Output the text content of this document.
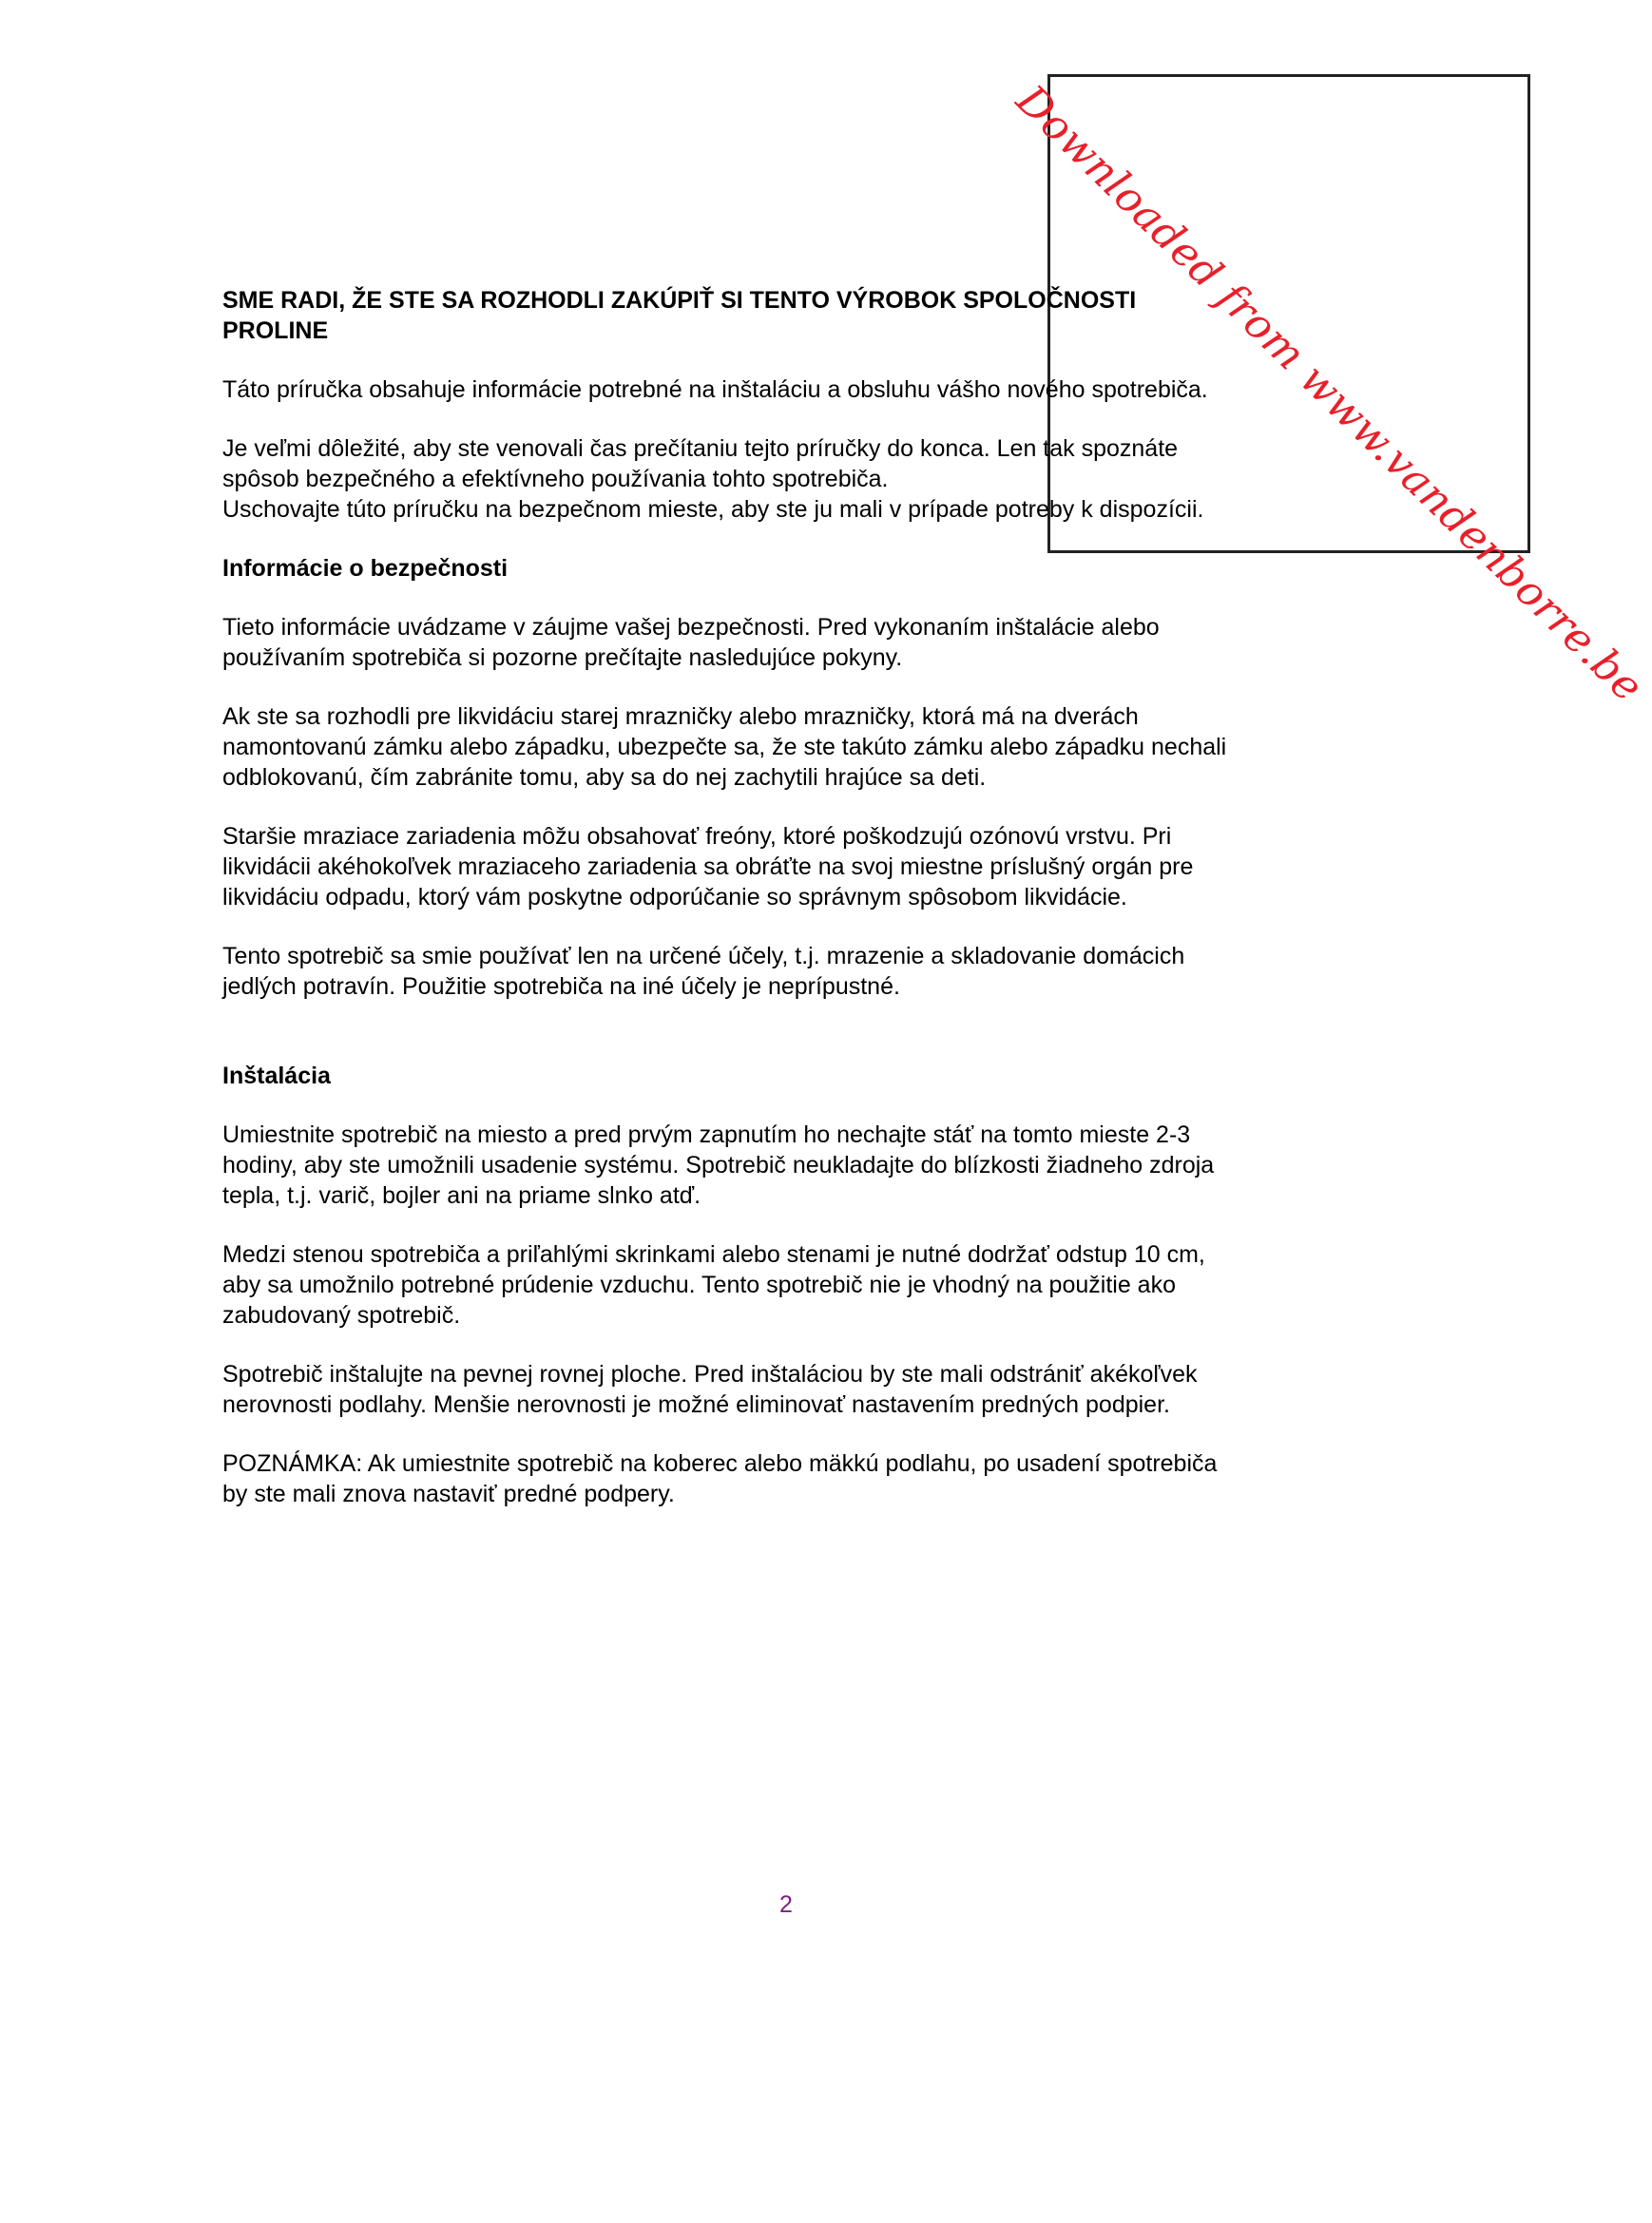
Downloaded from www.vandenborre.be
SME RADI, ŽE STE SA ROZHODLI ZAKÚPIŤ SI TENTO VÝROBOK SPOLOČNOSTI
PROLINE

Táto príručka obsahuje informácie potrebné na inštaláciu a obsluhu vášho nového spotrebiča.

Je veľmi dôležité, aby ste venovali čas prečítaniu tejto príručky do konca. Len tak spoznáte
spôsob bezpečného a efektívneho používania tohto spotrebiča.
Uschovajte túto príručku na bezpečnom mieste, aby ste ju mali v prípade potreby k dispozícii.

Informácie o bezpečnosti

Tieto informácie uvádzame v záujme vašej bezpečnosti. Pred vykonaním inštalácie alebo
používaním spotrebiča si pozorne prečítajte nasledujúce pokyny.

Ak ste sa rozhodli pre likvidáciu starej mrazničky alebo mrazničky, ktorá má na dverách
namontovanú zámku alebo západku, ubezpečte sa, že ste takúto zámku alebo západku nechali
odblokovanú, čím zabránite tomu, aby sa do nej zachytili hrajúce sa deti.

Staršie mraziace zariadenia môžu obsahovať freóny, ktoré poškodzujú ozónovú vrstvu. Pri
likvidácii akéhokoľvek mraziaceho zariadenia sa obráťte na svoj miestne príslušný orgán pre
likvidáciu odpadu, ktorý vám poskytne odporúčanie so správnym spôsobom likvidácie.

Tento spotrebič sa smie používať len na určené účely, t.j. mrazenie a skladovanie domácich
jedlých potravín. Použitie spotrebiča na iné účely je neprípustné.

Inštalácia

Umiestnite spotrebič na miesto a pred prvým zapnutím ho nechajte stáť na tomto mieste 2-3
hodiny, aby ste umožnili usadenie systému. Spotrebič neukladajte do blízkosti žiadneho zdroja
tepla, t.j. varič, bojler ani na priame slnko atď.

Medzi stenou spotrebiča a priľahlými skrinkami alebo stenami je nutné dodržať odstup 10 cm,
aby sa umožnilo potrebné prúdenie vzduchu. Tento spotrebič nie je vhodný na použitie ako
zabudovaný spotrebič.

Spotrebič inštalujte na pevnej rovnej ploche. Pred inštaláciou by ste mali odstrániť akékoľvek
nerovnosti podlahy. Menšie nerovnosti je možné eliminovať nastavením predných podpier.

POZNÁMKA: Ak umiestnite spotrebič na koberec alebo mäkkú podlahu, po usadení spotrebiča
by ste mali znova nastaviť predné podpery.

2
